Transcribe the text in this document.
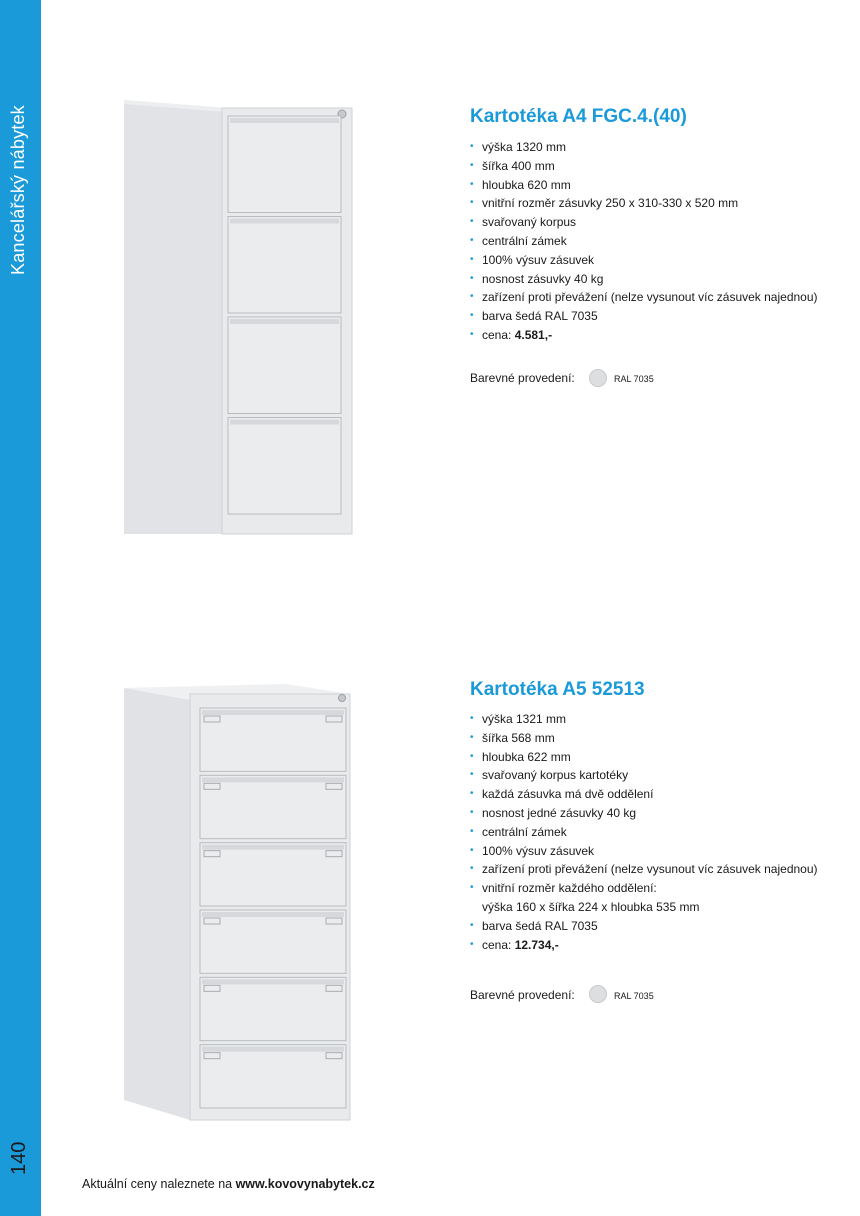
Kancelářský nábytek
140
Kartotéka A4 FGC.4.(40)
• výška 1320 mm
• šířka 400 mm
• hloubka 620 mm
• vnitřní rozměr zásuvky 250 x 310-330 x 520 mm
• svařovaný korpus
• centrální zámek
• 100% výsuv zásuvek
• nosnost zásuvky 40 kg
• zařízení proti převážení (nelze vysunout víc zásuvek najednou)
• barva šedá RAL 7035
• cena: 4.581,-
Barevné provedení:	RAL 7035
Kartotéka A5 52513
• výška 1321 mm
• šířka 568 mm
• hloubka 622 mm
• svařovaný korpus kartotéky
• každá zásuvka má dvě oddělení
• nosnost jedné zásuvky 40 kg
• centrální zámek
• 100% výsuv zásuvek
• zařízení proti převážení (nelze vysunout víc zásuvek najednou)
• vnitřní rozměr každého oddělení:
výška 160 x šířka 224 x hloubka 535 mm
• barva šedá RAL 7035
• cena: 12.734,-
Barevné provedení:	RAL 7035
Aktuální ceny naleznete na www.kovovynabytek.cz
